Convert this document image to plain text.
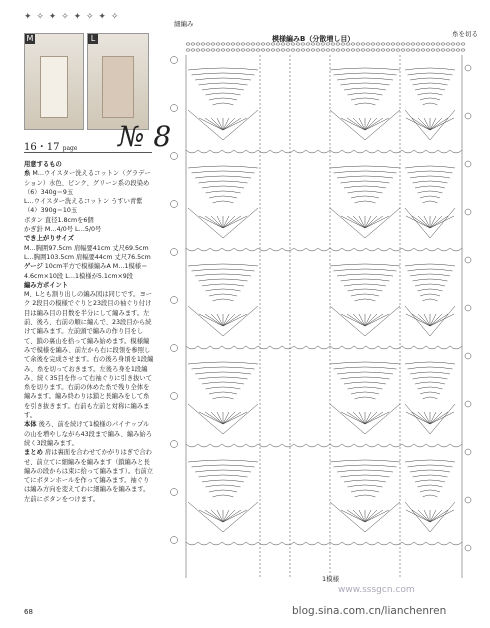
✦ ✧ ✦ ✧ ✦ ✧ ✦ ✧
M	L
16・17 page № 8

用意するもの

糸 M…ウイスター洗えるコットン（グラデーション）水色、ピンク、グリーン系の段染め（6）340g＝9玉

L…ウイスター洗えるコットン うすい青紫（4）390g＝10玉

ボタン 直径1.8cmを6個

かぎ針 M…4/0号 L…5/0号

でき上がりサイズ

M…胸囲97.5cm 肩幅要41cm 丈尺69.5cm

L…胸囲103.5cm 肩幅要44cm 丈尺76.5cm

ゲージ 10cm平方で模様編みA M…1模様＝4.6cm×10段 L…1模様が5.1cm×9段

編み方ポイント

M、Lとも割り出しの編み図は同じです。ヨーク 2段目の模様でぐりと23段目の袖ぐり付け目は編み目の目数を半分にして編みます。左前、後ろ、右前の順に編んで、23段目から続けて編みます。左前頭で編みの作り目をして、鎖の裏山を拾って編み始めます。模様編みで模様を編み、前左から右に段領を参照して余後を完成させます。右の後ろ身頃を1段編み、糸を切っておきます。左後ろ身を1段編み、続く35目を作って右袖ぐりに引き抜いて糸を切ります。右前の休めた糸で残り全体を編みます。編み終わりは鎖と長編みをして糸を引き抜きます。右前も左前と対称に編みます。

本体 後ろ、前を続けて1模様のパイナップルの山を増やしながら43段まで編み、編み始ろ続く3段編みます。

まとめ 肩は裏面を合わせてかがりはぎで合わせ、前立てに細編みを編みます（鎖編みと長編みの段からは束に拾って編みます）。右前立てにボタンホールを作って編みます。袖ぐりは編み方向を変えてわに細編みを編みます。左前にボタンをつけます。

68
細編み
模様編みB（分散増し目）
糸を切る
1模様
blog.sina.com.cn/lianchenren
www.sssgcn.com
